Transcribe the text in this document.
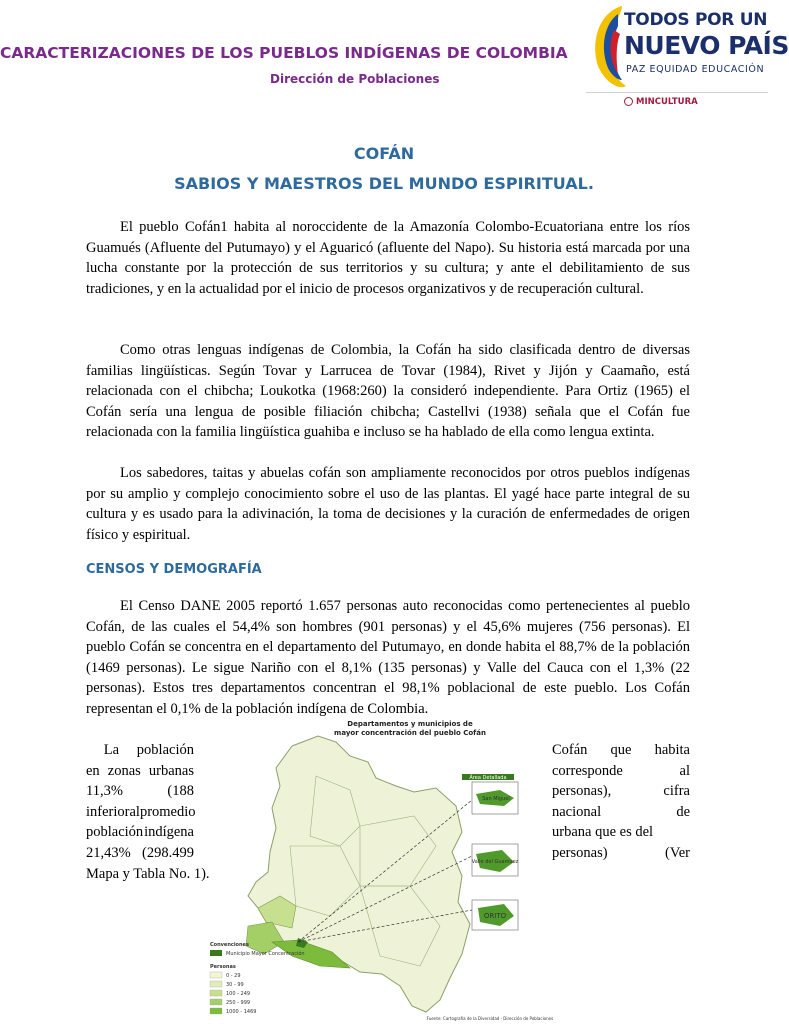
CARACTERIZACIONES DE LOS PUEBLOS INDÍGENAS DE COLOMBIA
Dirección de Poblaciones
TODOS POR UN
NUEVO PAÍS
PAZ EQUIDAD EDUCACIÓN
MINCULTURA
COFÁN
SABIOS Y MAESTROS DEL MUNDO ESPIRITUAL.
El pueblo Cofán1 habita al noroccidente de la Amazonía Colombo-Ecuatoriana entre los ríos Guamués (Afluente del Putumayo) y el Aguaricó (afluente del Napo). Su historia está marcada por una lucha constante por la protección de sus territorios y su cultura; y ante el debilitamiento de sus tradiciones, y en la actualidad por el inicio de procesos organizativos y de recuperación cultural.
Como otras lenguas indígenas de Colombia, la Cofán ha sido clasificada dentro de diversas familias lingüísticas. Según Tovar y Larrucea de Tovar (1984), Rivet y Jijón y Caamaño, está relacionada con el chibcha; Loukotka (1968:260) la consideró independiente. Para Ortiz (1965) el Cofán sería una lengua de posible filiación chibcha; Castellvi (1938) señala que el Cofán fue relacionada con la familia lingüística guahiba e incluso se ha hablado de ella como lengua extinta.
Los sabedores, taitas y abuelas cofán son ampliamente reconocidos por otros pueblos indígenas por su amplio y complejo conocimiento sobre el uso de las plantas. El yagé hace parte integral de su cultura y es usado para la adivinación, la toma de decisiones y la curación de enfermedades de origen físico y espiritual.
CENSOS Y DEMOGRAFÍA
El Censo DANE 2005 reportó 1.657 personas auto reconocidas como pertenecientes al pueblo Cofán, de las cuales el 54,4% son hombres (901 personas) y el 45,6% mujeres (756 personas). El pueblo Cofán se concentra en el departamento del Putumayo, en donde habita el 88,7% de la población (1469 personas). Le sigue Nariño con el 8,1% (135 personas) y Valle del Cauca con el 1,3% (22 personas). Estos tres departamentos concentran el 98,1% poblacional de este pueblo. Los Cofán representan el 0,1% de la población indígena de Colombia.
La población
en zonas urbanas
11,3%	(188
inferior al promedio
población indígena
21,43% (298.499
Mapa y Tabla No. 1).
Cofán que habita
corresponde	al
personas),	cifra
nacional	de
urbana que es del
personas)	(Ver
Departamentos y municipios de
mayor concentración del pueblo Cofán
Área Detallada
San Miguel
Valle del Guamuez
ORITO
Convenciones
Municipio Mayor Concentración
Personas
0 - 29
30 - 99
100 - 249
250 - 999
1000 - 1469
Fuente: Cartografía de la Diversidad - Dirección de Poblaciones
